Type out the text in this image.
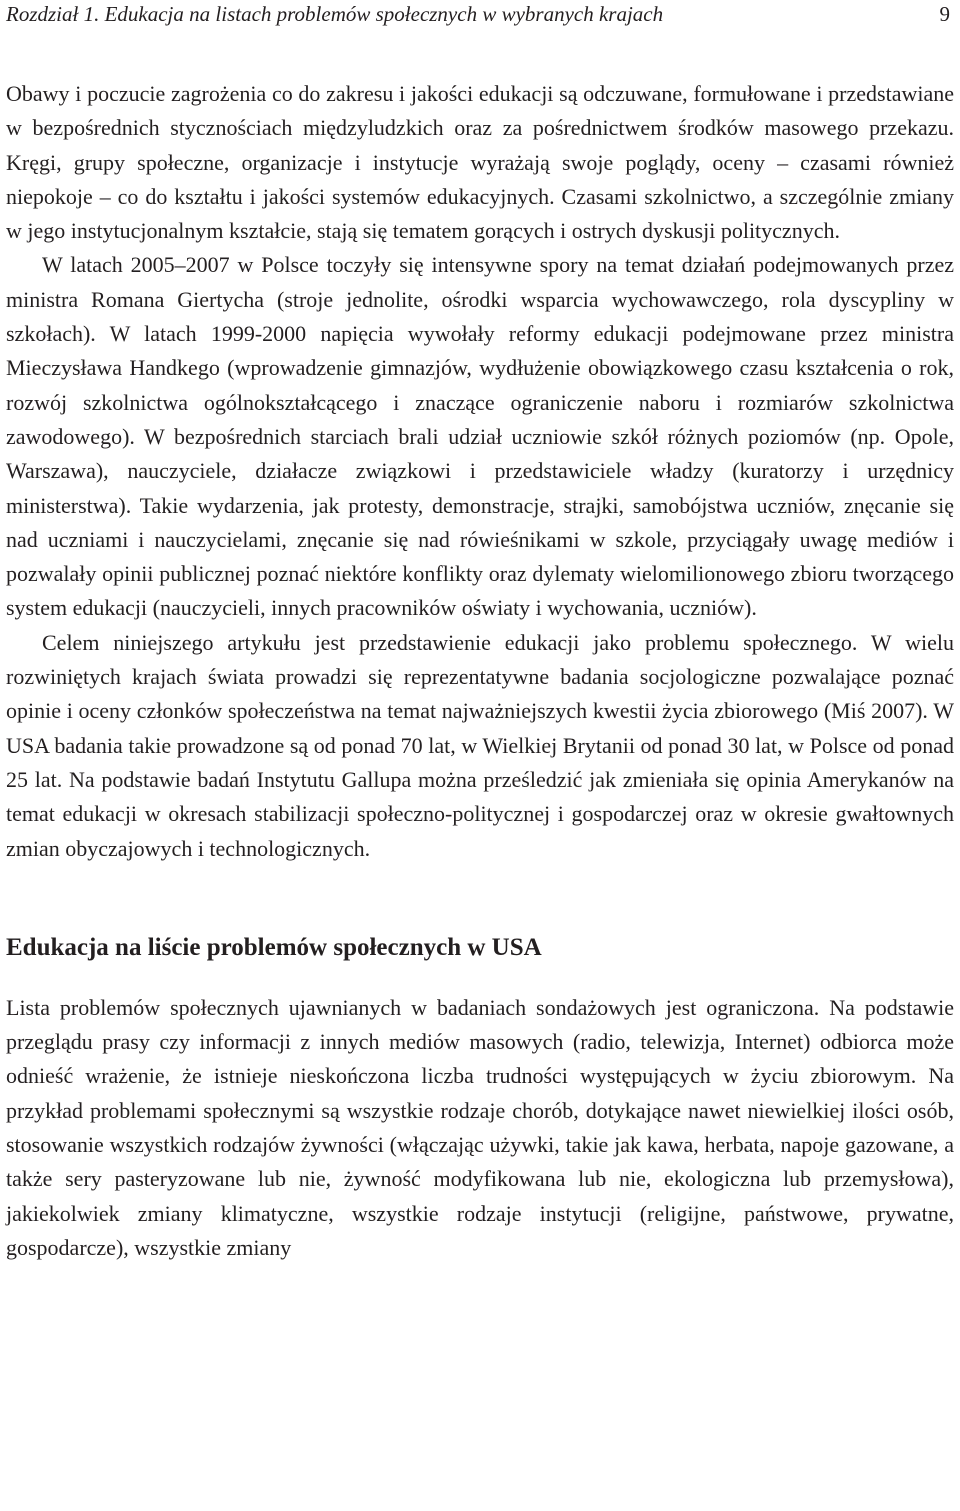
Rozdział 1. Edukacja na listach problemów społecznych w wybranych krajach	9

Obawy i poczucie zagrożenia co do zakresu i jakości edukacji są odczuwane, formułowane i przedstawiane w bezpośrednich stycznościach międzyludzkich oraz za pośrednictwem środków masowego przekazu. Kręgi, grupy społeczne, organizacje i instytucje wyrażają swoje poglądy, oceny – czasami również niepokoje – co do kształtu i jakości systemów edukacyjnych. Czasami szkolnictwo, a szczególnie zmiany w jego instytucjonalnym kształcie, stają się tematem gorących i ostrych dyskusji politycznych.

W latach 2005–2007 w Polsce toczyły się intensywne spory na temat działań podejmowanych przez ministra Romana Giertycha (stroje jednolite, ośrodki wsparcia wychowawczego, rola dyscypliny w szkołach). W latach 1999-2000 napięcia wywołały reformy edukacji podejmowane przez ministra Mieczysława Handkego (wprowadzenie gimnazjów, wydłużenie obowiązkowego czasu kształcenia o rok, rozwój szkolnictwa ogólnokształcącego i znaczące ograniczenie naboru i rozmiarów szkolnictwa zawodowego). W bezpośrednich starciach brali udział uczniowie szkół różnych poziomów (np. Opole, Warszawa), nauczyciele, działacze związkowi i przedstawiciele władzy (kuratorzy i urzędnicy ministerstwa). Takie wydarzenia, jak protesty, demonstracje, strajki, samobójstwa uczniów, znęcanie się nad uczniami i nauczycielami, znęcanie się nad rówieśnikami w szkole, przyciągały uwagę mediów i pozwalały opinii publicznej poznać niektóre konflikty oraz dylematy wielomilionowego zbioru tworzącego system edukacji (nauczycieli, innych pracowników oświaty i wychowania, uczniów).

Celem niniejszego artykułu jest przedstawienie edukacji jako problemu społecznego. W wielu rozwiniętych krajach świata prowadzi się reprezentatywne badania socjologiczne pozwalające poznać opinie i oceny członków społeczeństwa na temat najważniejszych kwestii życia zbiorowego (Miś 2007). W USA badania takie prowadzone są od ponad 70 lat, w Wielkiej Brytanii od ponad 30 lat, w Polsce od ponad 25 lat. Na podstawie badań Instytutu Gallupa można prześledzić jak zmieniała się opinia Amerykanów na temat edukacji w okresach stabilizacji społeczno-politycznej i gospodarczej oraz w okresie gwałtownych zmian obyczajowych i technologicznych.

Edukacja na liście problemów społecznych w USA

Lista problemów społecznych ujawnianych w badaniach sondażowych jest ograniczona. Na podstawie przeglądu prasy czy informacji z innych mediów masowych (radio, telewizja, Internet) odbiorca może odnieść wrażenie, że istnieje nieskończona liczba trudności występujących w życiu zbiorowym. Na przykład problemami społecznymi są wszystkie rodzaje chorób, dotykające nawet niewielkiej ilości osób, stosowanie wszystkich rodzajów żywności (włączając używki, takie jak kawa, herbata, napoje gazowane, a także sery pasteryzowane lub nie, żywność modyfikowana lub nie, ekologiczna lub przemysłowa), jakiekolwiek zmiany klimatyczne, wszystkie rodzaje instytucji (religijne, państwowe, prywatne, gospodarcze), wszystkie zmiany
